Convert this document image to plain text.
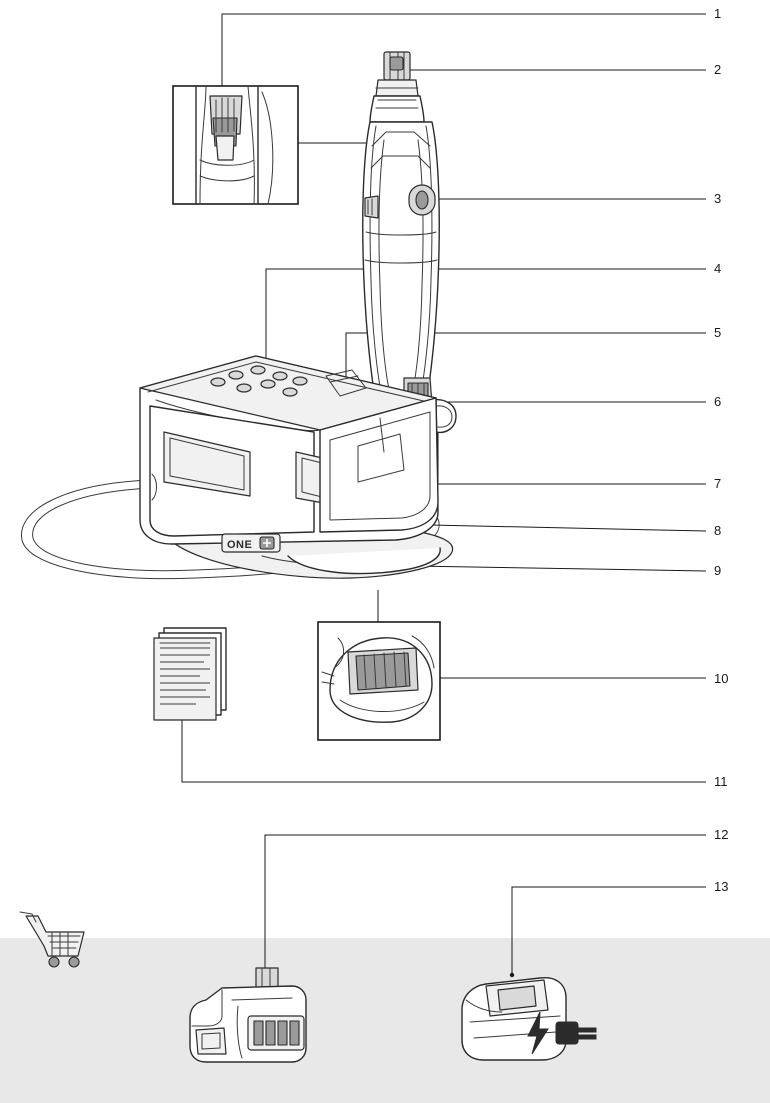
ONE
1
2
3
4
5
6
7
8
9
10
11
12
13
